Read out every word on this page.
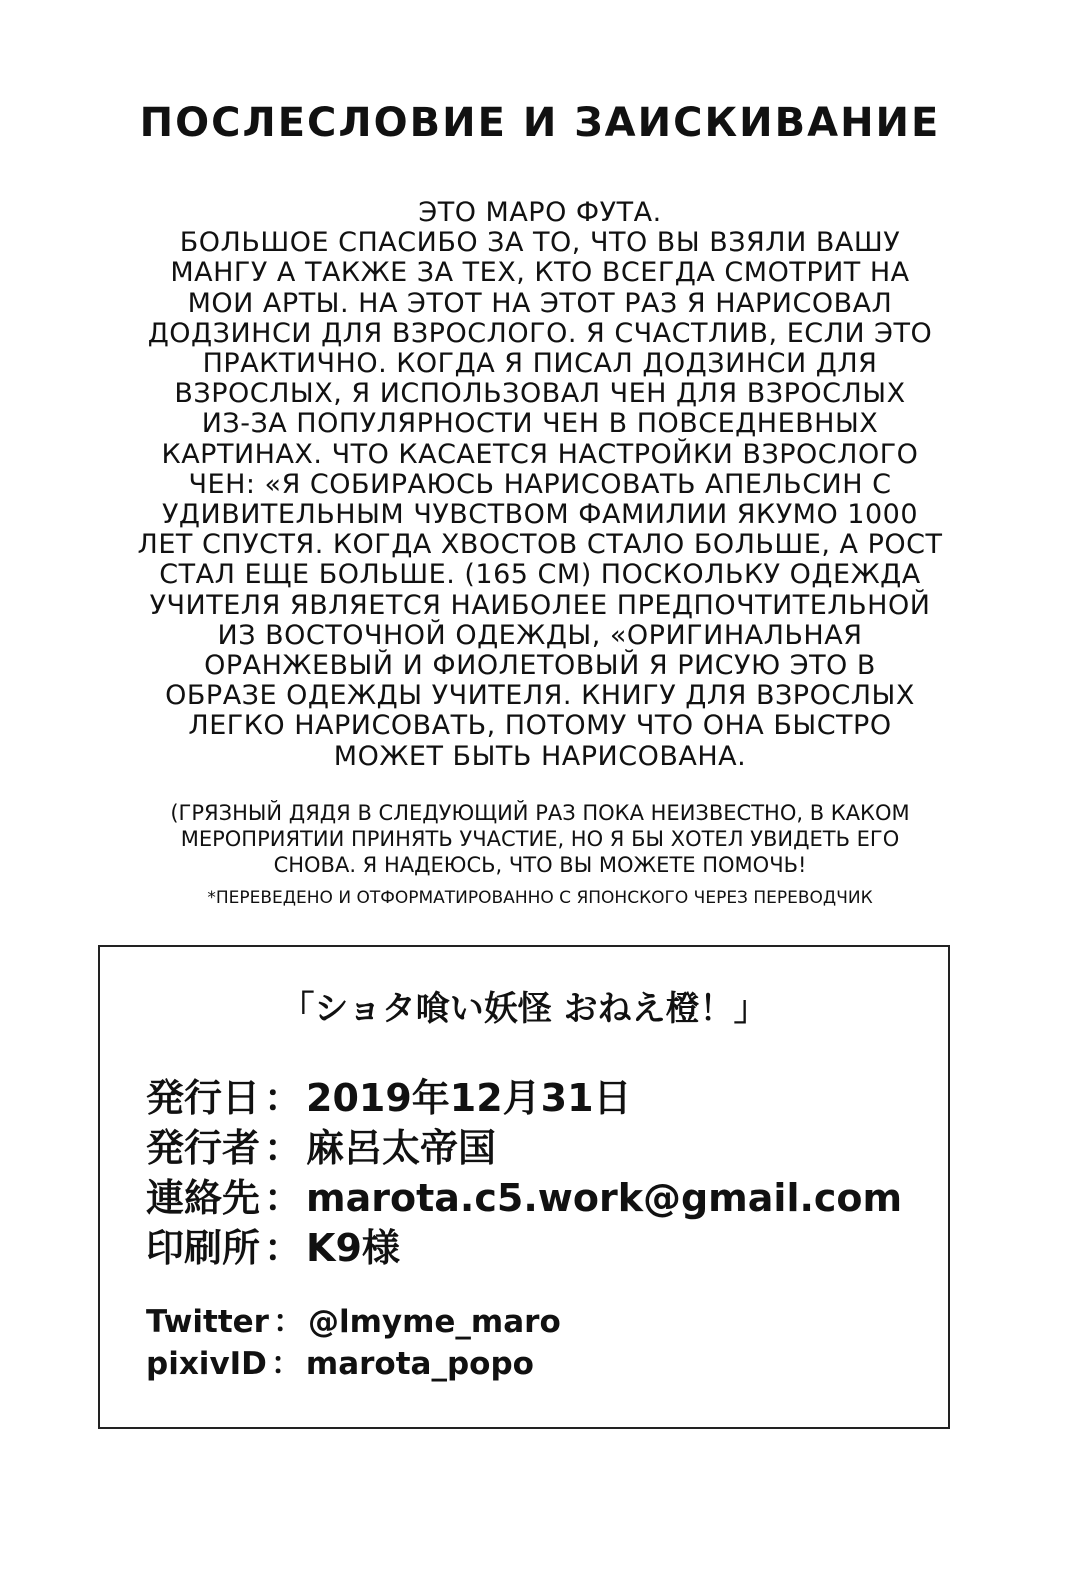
ПОСЛЕСЛОВИЕ И ЗАИСКИВАНИЕ
ЭТО МАРО ФУТА.
БОЛЬШОЕ СПАСИБО ЗА ТО, ЧТО ВЫ ВЗЯЛИ ВАШУ
МАНГУ А ТАКЖЕ ЗА ТЕХ, КТО ВСЕГДА СМОТРИТ НА
МОИ АРТЫ. НА ЭТОТ НА ЭТОТ РАЗ Я НАРИСОВАЛ
ДОДЗИНСИ ДЛЯ ВЗРОСЛОГО. Я СЧАСТЛИВ, ЕСЛИ ЭТО
ПРАКТИЧНО. КОГДА Я ПИСАЛ ДОДЗИНСИ ДЛЯ
ВЗРОСЛЫХ, Я ИСПОЛЬЗОВАЛ ЧЕН ДЛЯ ВЗРОСЛЫХ
ИЗ-ЗА ПОПУЛЯРНОСТИ ЧЕН В ПОВСЕДНЕВНЫХ
КАРТИНАХ. ЧТО КАСАЕТСЯ НАСТРОЙКИ ВЗРОСЛОГО
ЧЕН: «Я СОБИРАЮСЬ НАРИСОВАТЬ АПЕЛЬСИН С
УДИВИТЕЛЬНЫМ ЧУВСТВОМ ФАМИЛИИ ЯКУМО 1000
ЛЕТ СПУСТЯ. КОГДА ХВОСТОВ СТАЛО БОЛЬШЕ, А РОСТ
СТАЛ ЕЩЕ БОЛЬШЕ. (165 СМ) ПОСКОЛЬКУ ОДЕЖДА
УЧИТЕЛЯ ЯВЛЯЕТСЯ НАИБОЛЕЕ ПРЕДПОЧТИТЕЛЬНОЙ
ИЗ ВОСТОЧНОЙ ОДЕЖДЫ, «ОРИГИНАЛЬНАЯ
ОРАНЖЕВЫЙ И ФИОЛЕТОВЫЙ Я РИСУЮ ЭТО В
ОБРАЗЕ ОДЕЖДЫ УЧИТЕЛЯ. КНИГУ ДЛЯ ВЗРОСЛЫХ
ЛЕГКО НАРИСОВАТЬ, ПОТОМУ ЧТО ОНА БЫСТРО
МОЖЕТ БЫТЬ НАРИСОВАНА.
(ГРЯЗНЫЙ ДЯДЯ В СЛЕДУЮЩИЙ РАЗ ПОКА НЕИЗВЕСТНО, В КАКОМ
МЕРОПРИЯТИИ ПРИНЯТЬ УЧАСТИЕ, НО Я БЫ ХОТЕЛ УВИДЕТЬ ЕГО
СНОВА. Я НАДЕЮСЬ, ЧТО ВЫ МОЖЕТЕ ПОМОЧЬ!
*ПЕРЕВЕДЕНО И ОТФОРМАТИРОВАННО С ЯПОНСКОГО ЧЕРЕЗ ПЕРЕВОДЧИК
「ショタ喰い妖怪 おねえ橙！」
発行日 ： 2019年12月31日
発行者 ： 麻呂太帝国
連絡先 ： marota.c5.work@gmail.com
印刷所 ： K9様
Twitter ： @lmyme_maro
pixivID ： marota_popo
